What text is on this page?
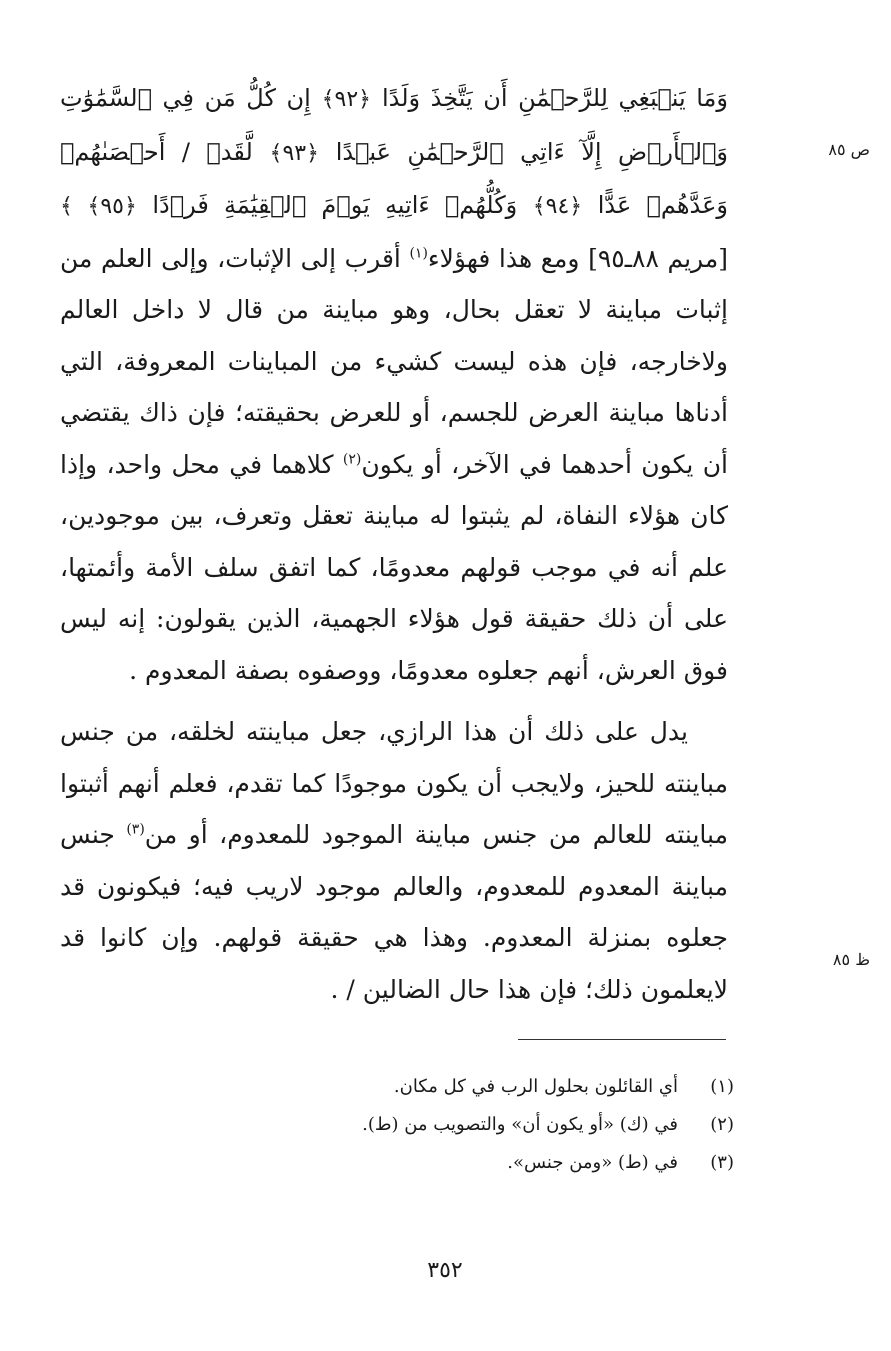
ص ٨٥
ظ ٨٥

وَمَا يَنۢبَغِي لِلرَّحۡمَٰنِ أَن يَتَّخِذَ وَلَدًا ﴿٩٢﴾ إِن كُلُّ مَن فِي ٱلسَّمَٰوَٰتِ وَٱلۡأَرۡضِ إِلَّآ ءَاتِي ٱلرَّحۡمَٰنِ عَبۡدًا ﴿٩٣﴾ لَّقَدۡ / أَحۡصَىٰهُمۡ وَعَدَّهُمۡ عَدًّا ﴿٩٤﴾ وَكُلُّهُمۡ ءَاتِيهِ يَوۡمَ ٱلۡقِيَٰمَةِ فَرۡدًا ﴿٩٥﴾ ﴾ [مريم ٨٨ـ٩٥] ومع هذا فهؤلاء$^{(١)}$ أقرب إلى الإثبات، وإلى العلم من إثبات مباينة لا تعقل بحال، وهو مباينة من قال لا داخل العالم ولاخارجه، فإن هذه ليست كشيء من المباينات المعروفة، التي أدناها مباينة العرض للجسم، أو للعرض بحقيقته؛ فإن ذاك يقتضي أن يكون أحدهما في الآخر، أو يكون$^{(٢)}$ كلاهما في محل واحد، وإذا كان هؤلاء النفاة، لم يثبتوا له مباينة تعقل وتعرف، بين موجودين، علم أنه في موجب قولهم معدومًا، كما اتفق سلف الأمة وأئمتها، على أن ذلك حقيقة قول هؤلاء الجهمية، الذين يقولون: إنه ليس فوق العرش، أنهم جعلوه معدومًا، ووصفوه بصفة المعدوم .

يدل على ذلك أن هذا الرازي، جعل مباينته لخلقه، من جنس مباينته للحيز، ولايجب أن يكون موجودًا كما تقدم، فعلم أنهم أثبتوا مباينته للعالم من جنس مباينة الموجود للمعدوم، أو من$^{(٣)}$ جنس مباينة المعدوم للمعدوم، والعالم موجود لاريب فيه؛ فيكونون قد جعلوه بمنزلة المعدوم. وهذا هي حقيقة قولهم. وإن كانوا قد لايعلمون ذلك؛ فإن هذا حال الضالين / .

(١)
أي القائلون بحلول الرب في كل مكان.
(٢)
في (ك) «أو يكون أن» والتصويب من (ط).
(٣)
في (ط) «ومن جنس».
٣٥٢
